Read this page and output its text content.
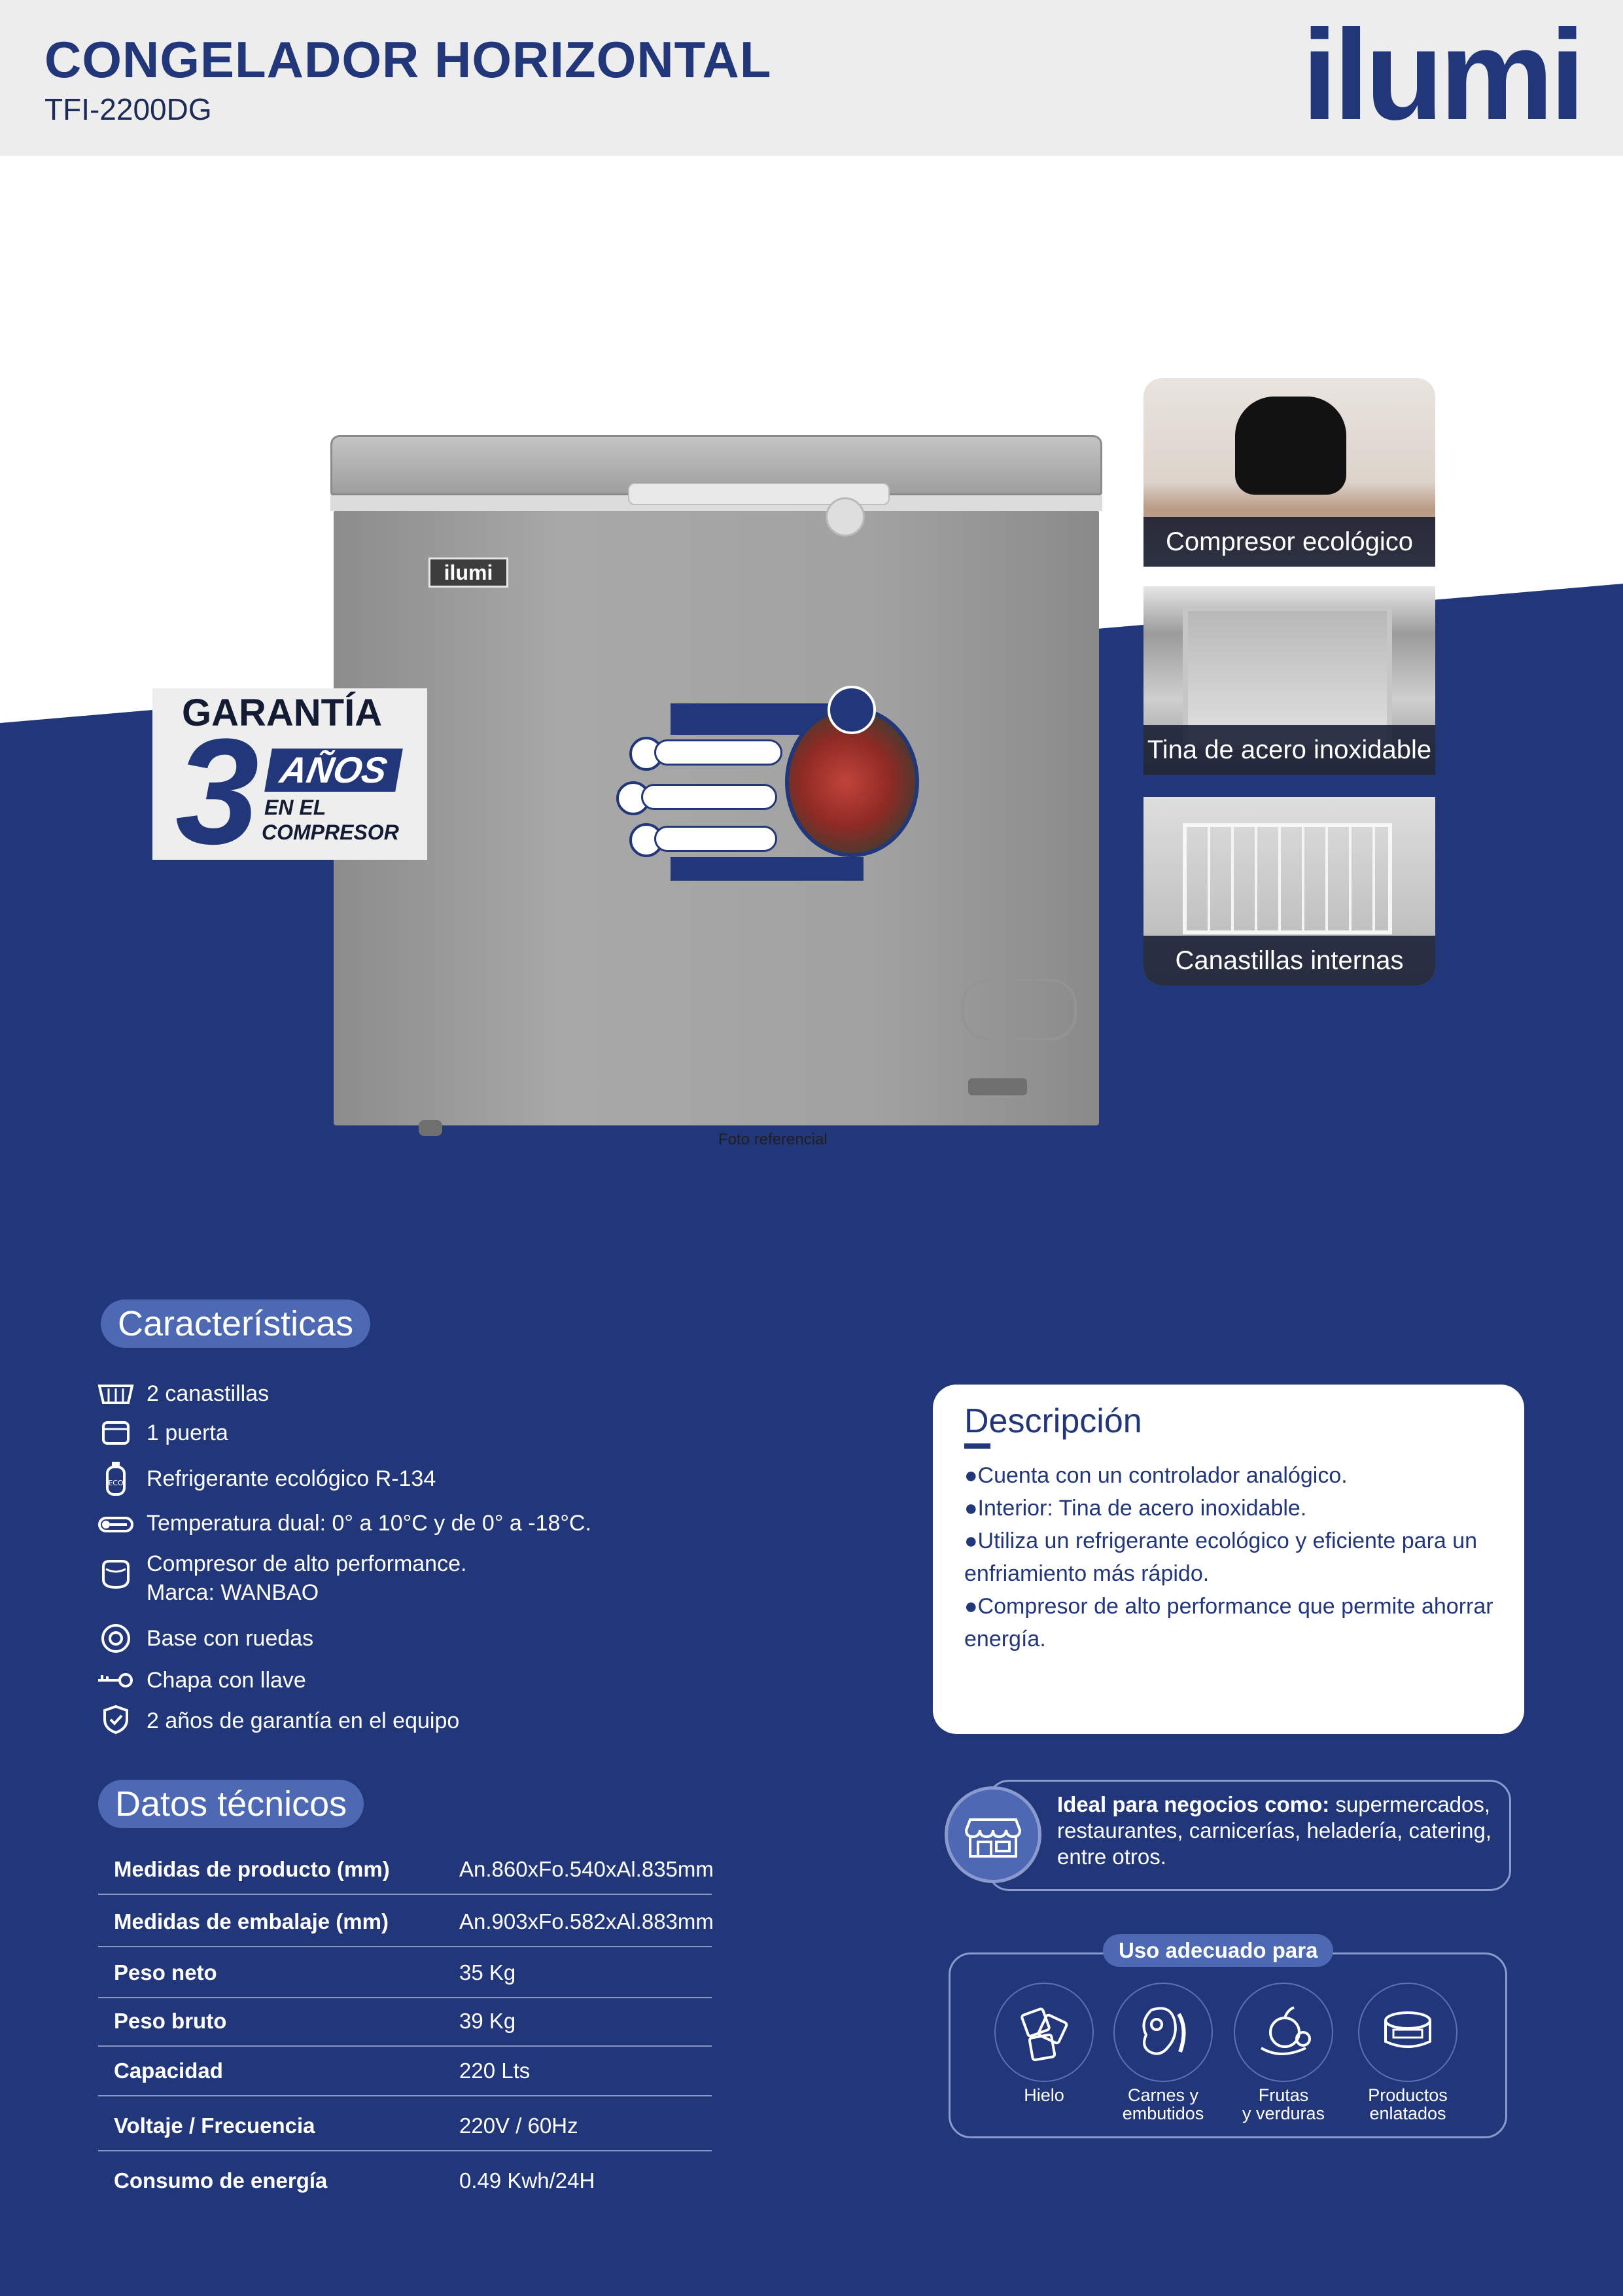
CONGELADOR HORIZONTAL
TFI-2200DG	ilumi
ilumi
Foto referencial
GARANTÍA
3 AÑOS
EN EL
COMPRESOR
Compresor ecológico
Tina de acero inoxidable
Canastillas internas
Características
2 canastillas
1 puerta
ECO Refrigerante ecológico R-134
Temperatura dual: 0° a 10°C y de 0° a -18°C.
Compresor de alto performance.
Marca: WANBAO
Base con ruedas
Chapa con llave
2 años de garantía en el equipo
Descripción
●Cuenta con un controlador analógico.
●Interior: Tina de acero inoxidable.
●Utiliza un refrigerante ecológico y eficiente para un enfriamiento más rápido.
●Compresor de alto performance que permite ahorrar energía.
Datos técnicos
Medidas de producto (mm)	An.860xFo.540xAl.835mm
Medidas de embalaje (mm)	An.903xFo.582xAl.883mm
Peso neto	35 Kg
Peso bruto	39 Kg
Capacidad	220 Lts
Voltaje / Frecuencia	220V / 60Hz
Consumo de energía	0.49 Kwh/24H
Ideal para negocios como: supermercados, restaurantes, carnicerías, heladería, catering, entre otros.
Uso adecuado para
Hielo	Carnes y
embutidos
Frutas
y verduras
Productos
enlatados
